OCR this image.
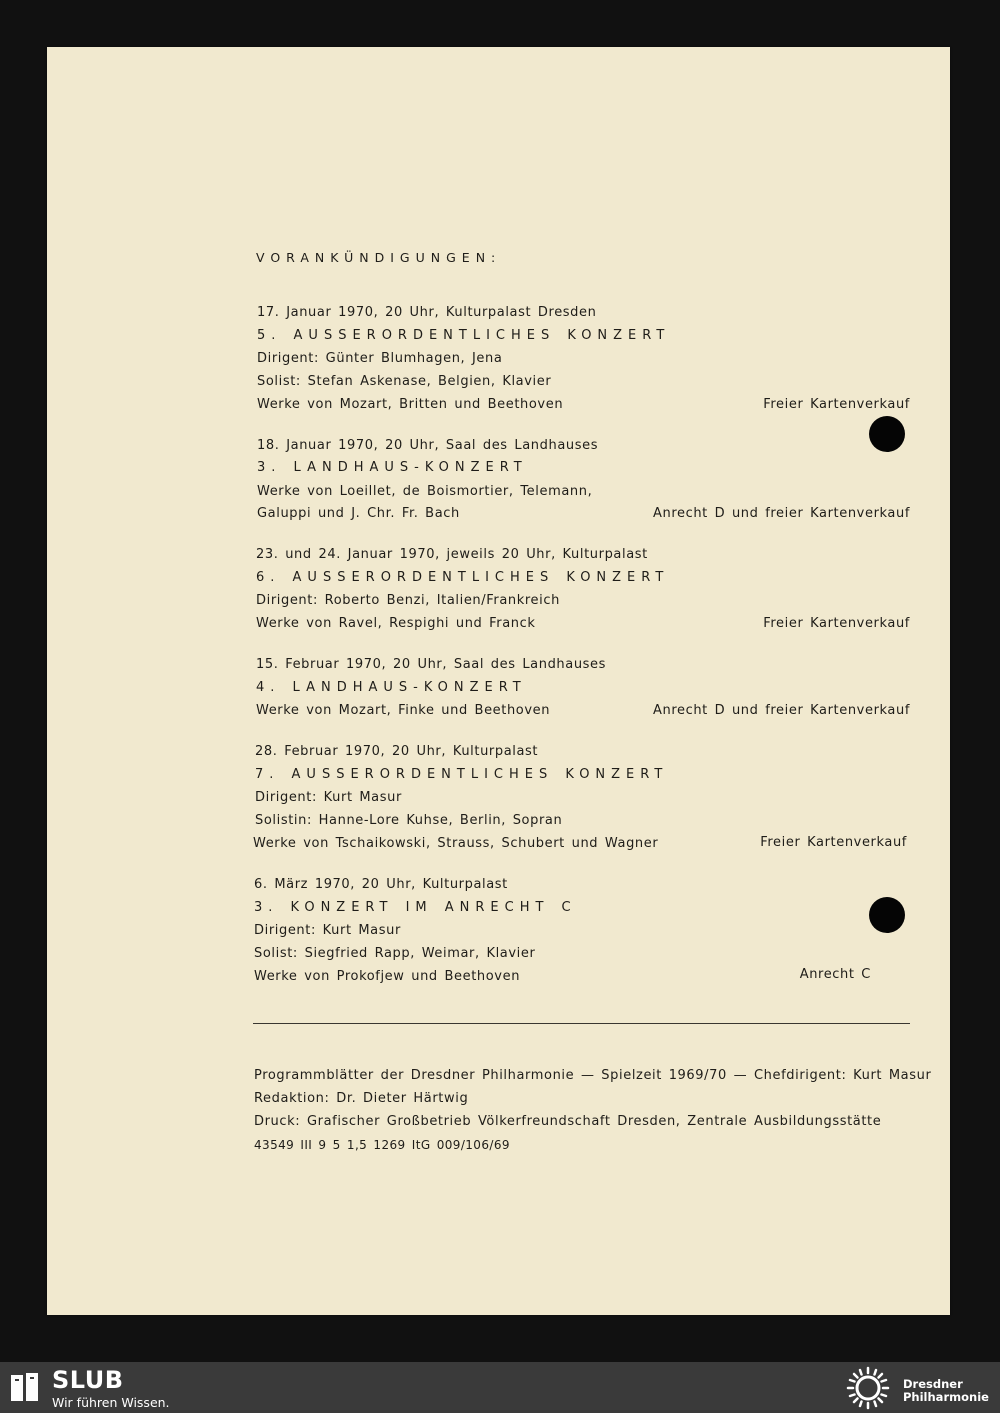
VORANKÜNDIGUNGEN:
17. Januar 1970, 20 Uhr, Kulturpalast Dresden
5. AUSSERORDENTLICHES KONZERT
Dirigent: Günter Blumhagen, Jena
Solist: Stefan Askenase, Belgien, Klavier
Werke von Mozart, Britten und Beethoven	Freier Kartenverkauf
18. Januar 1970, 20 Uhr, Saal des Landhauses
3. LANDHAUS-KONZERT
Werke von Loeillet, de Boismortier, Telemann,
Galuppi und J. Chr. Fr. Bach	Anrecht D und freier Kartenverkauf
23. und 24. Januar 1970, jeweils 20 Uhr, Kulturpalast
6. AUSSERORDENTLICHES KONZERT
Dirigent: Roberto Benzi, Italien/Frankreich
Werke von Ravel, Respighi und Franck	Freier Kartenverkauf
15. Februar 1970, 20 Uhr, Saal des Landhauses
4. LANDHAUS-KONZERT
Werke von Mozart, Finke und Beethoven	Anrecht D und freier Kartenverkauf
28. Februar 1970, 20 Uhr, Kulturpalast
7. AUSSERORDENTLICHES KONZERT
Dirigent: Kurt Masur
Solistin: Hanne-Lore Kuhse, Berlin, Sopran
Werke von Tschaikowski, Strauss, Schubert und Wagner	Freier Kartenverkauf
6. März 1970, 20 Uhr, Kulturpalast
3. KONZERT IM ANRECHT C
Dirigent: Kurt Masur
Solist: Siegfried Rapp, Weimar, Klavier
Werke von Prokofjew und Beethoven	Anrecht C
Programmblätter der Dresdner Philharmonie — Spielzeit 1969/70 — Chefdirigent: Kurt Masur
Redaktion: Dr. Dieter Härtwig
Druck: Grafischer Großbetrieb Völkerfreundschaft Dresden, Zentrale Ausbildungsstätte
43549 III 9 5 1,5 1269 ItG 009/106/69
SLUB
Wir führen Wissen.
Dresdner
Philharmonie
